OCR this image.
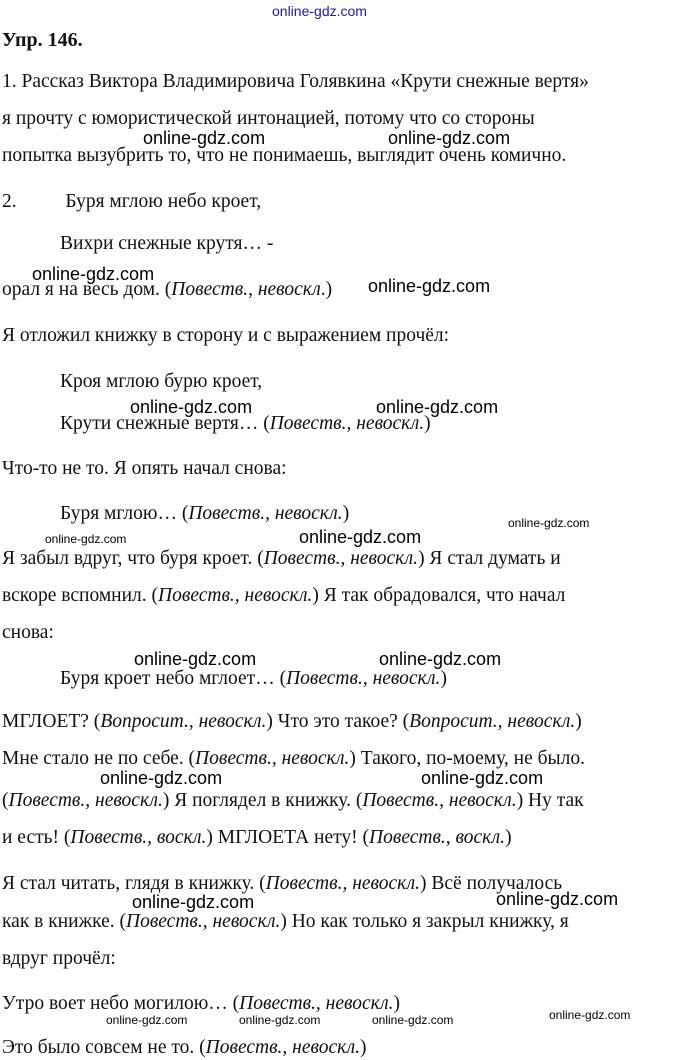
online-gdz.com
Упр. 146.
1. Рассказ Виктора Владимировича Голявкина «Крути снежные вертя»
я прочту с юмористической интонацией, потому что со стороны
попытка вызубрить то, что не понимаешь, выглядит очень комично.
2.          Буря мглою небо кроет,
Вихри снежные крутя… -
орал я на весь дом. (Повеств., невоскл.)
Я отложил книжку в сторону и с выражением прочёл:
Кроя мглою бурю кроет,
Крути снежные вертя… (Повеств., невоскл.)
Что-то не то. Я опять начал снова:
Буря мглою… (Повеств., невоскл.)
Я забыл вдруг, что буря кроет. (Повеств., невоскл.) Я стал думать и
вскоре вспомнил. (Повеств., невоскл.) Я так обрадовался, что начал
снова:
Буря кроет небо мглоет… (Повеств., невоскл.)
МГЛОЕТ? (Вопросит., невоскл.) Что это такое? (Вопросит., невоскл.)
Мне стало не по себе. (Повеств., невоскл.) Такого, по-моему, не было.
(Повеств., невоскл.) Я поглядел в книжку. (Повеств., невоскл.) Ну так
и есть! (Повеств., воскл.) МГЛОЕТА нету! (Повеств., воскл.)
Я стал читать, глядя в книжку. (Повеств., невоскл.) Всё получалось
как в книжке. (Повеств., невоскл.) Но как только я закрыл книжку, я
вдруг прочёл:
Утро воет небо могилою… (Повеств., невоскл.)
Это было совсем не то. (Повеств., невоскл.)
online-gdz.com	online-gdz.com
online-gdz.com
online-gdz.com
online-gdz.com	online-gdz.com
online-gdz.com
online-gdz.com	online-gdz.com
online-gdz.com	online-gdz.com
online-gdz.com	online-gdz.com
online-gdz.com	online-gdz.com
online-gdz.com	online-gdz.com	online-gdz.com	online-gdz.com
